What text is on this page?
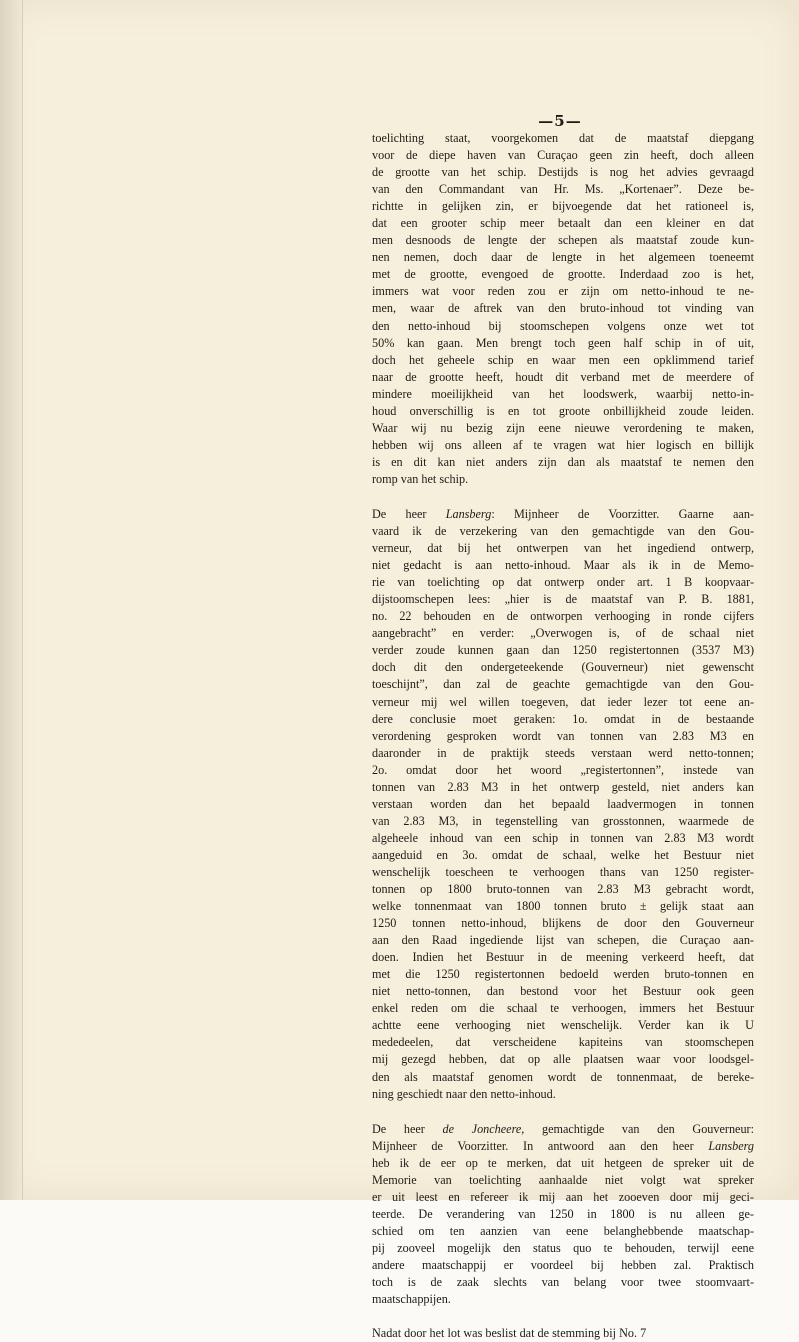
—5—

toelichting staat, voorgekomen dat de maatstaf diepgang
voor de diepe haven van Curaçao geen zin heeft, doch alleen
de grootte van het schip. Destijds is nog het advies gevraagd
van den Commandant van Hr. Ms. „Kortenaer”. Deze be-
richtte in gelijken zin, er bijvoegende dat het rationeel is,
dat een grooter schip meer betaalt dan een kleiner en dat
men desnoods de lengte der schepen als maatstaf zoude kun-
nen nemen, doch daar de lengte in het algemeen toeneemt
met de grootte, evengoed de grootte. Inderdaad zoo is het,
immers wat voor reden zou er zijn om netto-inhoud te ne-
men, waar de aftrek van den bruto-inhoud tot vinding van
den netto-inhoud bij stoomschepen volgens onze wet tot
50% kan gaan. Men brengt toch geen half schip in of uit,
doch het geheele schip en waar men een opklimmend tarief
naar de grootte heeft, houdt dit verband met de meerdere of
mindere moeilijkheid van het loodswerk, waarbij netto-in-
houd onverschillig is en tot groote onbillijkheid zoude leiden.
Waar wij nu bezig zijn eene nieuwe verordening te maken,
hebben wij ons alleen af te vragen wat hier logisch en billijk
is en dit kan niet anders zijn dan als maatstaf te nemen den
romp van het schip.

De heer Lansberg: Mijnheer de Voorzitter. Gaarne aan-
vaard ik de verzekering van den gemachtigde van den Gou-
verneur, dat bij het ontwerpen van het ingediend ontwerp,
niet gedacht is aan netto-inhoud. Maar als ik in de Memo-
rie van toelichting op dat ontwerp onder art. 1 B koopvaar-
dijstoomschepen lees: „hier is de maatstaf van P. B. 1881,
no. 22 behouden en de ontworpen verhooging in ronde cijfers
aangebracht” en verder: „Overwogen is, of de schaal niet
verder zoude kunnen gaan dan 1250 registertonnen (3537 M3)
doch dit den ondergeteekende (Gouverneur) niet gewenscht
toeschijnt”, dan zal de geachte gemachtigde van den Gou-
verneur mij wel willen toegeven, dat ieder lezer tot eene an-
dere conclusie moet geraken: 1o. omdat in de bestaande
verordening gesproken wordt van tonnen van 2.83 M3 en
daaronder in de praktijk steeds verstaan werd netto-tonnen;
2o. omdat door het woord „registertonnen”, instede van
tonnen van 2.83 M3 in het ontwerp gesteld, niet anders kan
verstaan worden dan het bepaald laadvermogen in tonnen
van 2.83 M3, in tegenstelling van grosstonnen, waarmede de
algeheele inhoud van een schip in tonnen van 2.83 M3 wordt
aangeduid en 3o. omdat de schaal, welke het Bestuur niet
wenschelijk toescheen te verhoogen thans van 1250 register-
tonnen op 1800 bruto-tonnen van 2.83 M3 gebracht wordt,
welke tonnenmaat van 1800 tonnen bruto ± gelijk staat aan
1250 tonnen netto-inhoud, blijkens de door den Gouverneur
aan den Raad ingediende lijst van schepen, die Curaçao aan-
doen. Indien het Bestuur in de meening verkeerd heeft, dat
met die 1250 registertonnen bedoeld werden bruto-tonnen en
niet netto-tonnen, dan bestond voor het Bestuur ook geen
enkel reden om die schaal te verhoogen, immers het Bestuur
achtte eene verhooging niet wenschelijk. Verder kan ik U
mededeelen, dat verscheidene kapiteins van stoomschepen
mij gezegd hebben, dat op alle plaatsen waar voor loodsgel-
den als maatstaf genomen wordt de tonnenmaat, de bereke-
ning geschiedt naar den netto-inhoud.

De heer de Joncheere, gemachtigde van den Gouverneur:
Mijnheer de Voorzitter. In antwoord aan den heer Lansberg
heb ik de eer op te merken, dat uit hetgeen de spreker uit de
Memorie van toelichting aanhaalde niet volgt wat spreker
er uit leest en refereer ik mij aan het zooeven door mij geci-
teerde. De verandering van 1250 in 1800 is nu alleen ge-
schied om ten aanzien van eene belanghebbende maatschap-
pij zooveel mogelijk den status quo te behouden, terwijl eene
andere maatschappij er voordeel bij hebben zal. Praktisch
toch is de zaak slechts van belang voor twee stoomvaart-
maatschappijen.

Nadat door het lot was beslist dat de stemming bij No. 7
